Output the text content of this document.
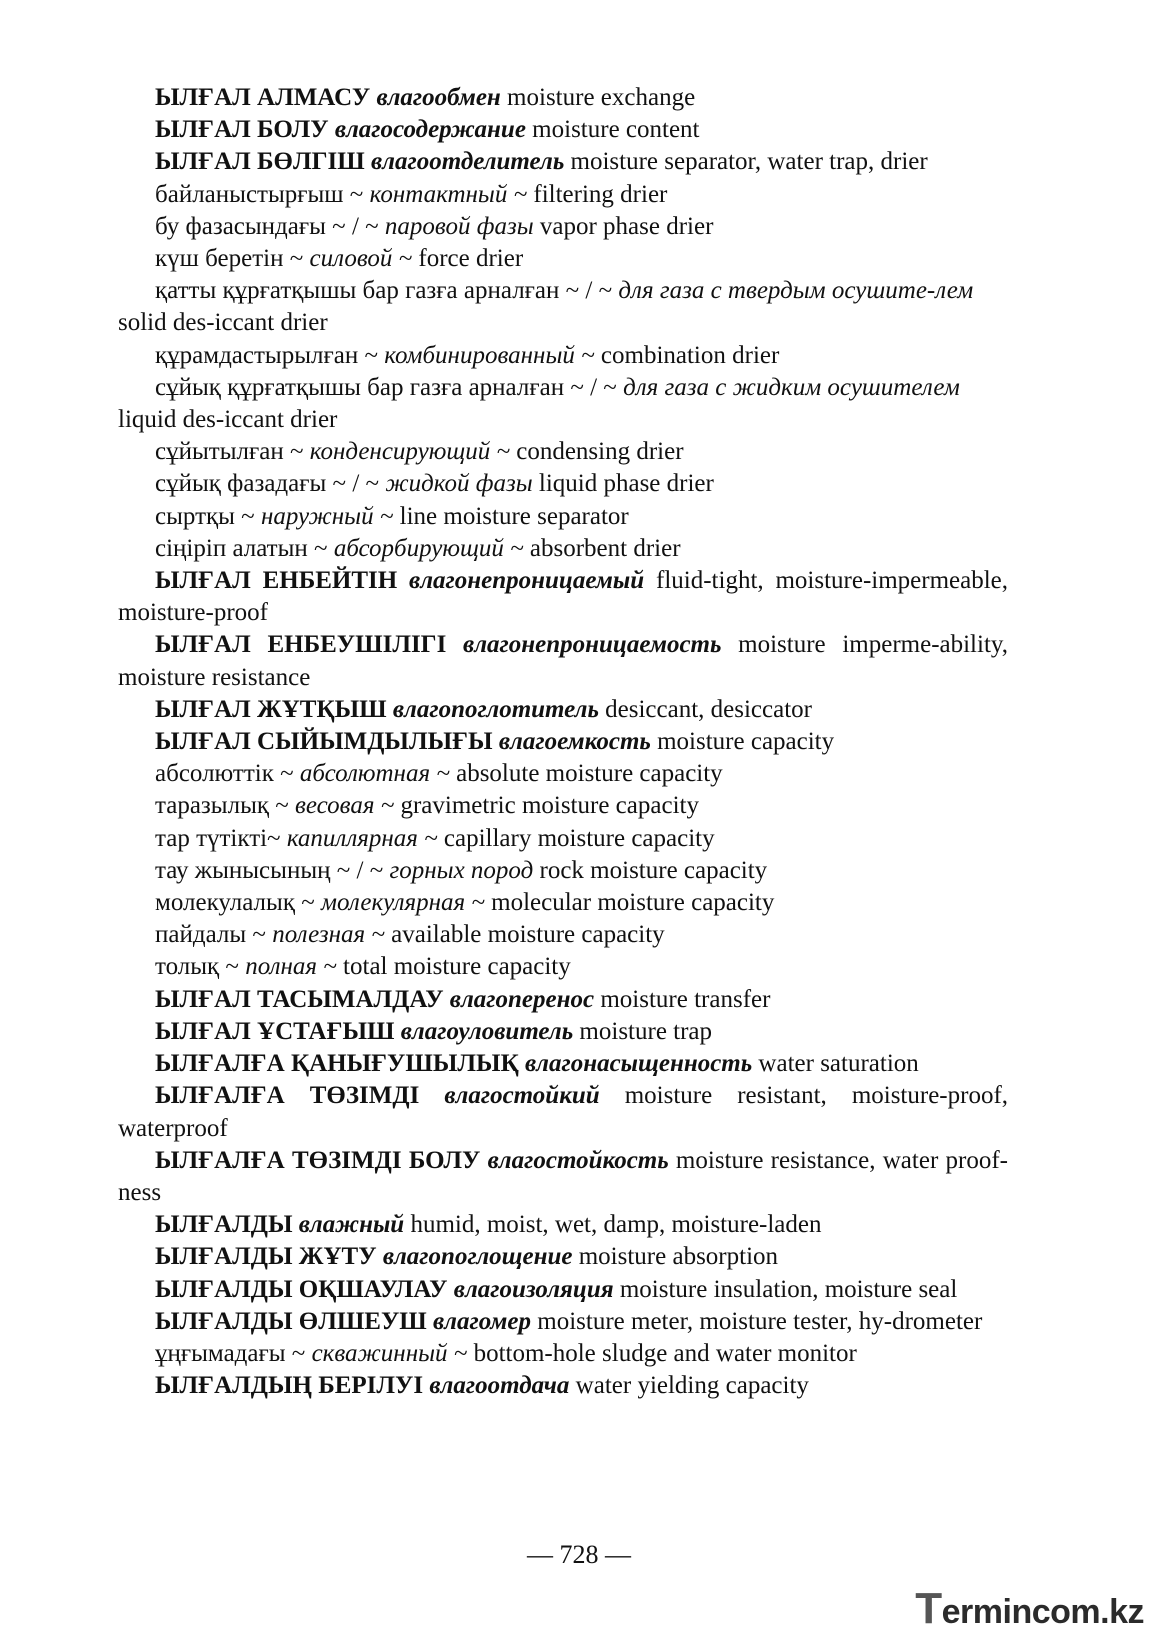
ЫЛҒАЛ АЛМАСУ влагообмен moisture exchange

ЫЛҒАЛ БОЛУ влагосодержание moisture content

ЫЛҒАЛ БӨЛГІШ влагоотделитель moisture separator, water trap, drier

байланыстырғыш ~ контактный ~ filtering drier

бу фазасындағы ~ / ~ паровой фазы vapor phase drier

күш беретін ~ силовой ~ force drier

қатты құрғатқышы бар газға арналған ~ / ~ для газа с твердым осушите-лем solid des-iccant drier

құрамдастырылған ~ комбинированный ~ combination drier

сұйық құрғатқышы бар газға арналған ~ / ~ для газа с жидким осушителем liquid des-iccant drier

сұйытылған ~ конденсирующий ~ condensing drier

сұйық фазадағы ~ / ~ жидкой фазы liquid phase drier

сыртқы ~ наружный ~ line moisture separator

сіңіріп алатын ~ абсорбирующий ~ absorbent drier

ЫЛҒАЛ ЕНБЕЙТІН влагонепроницаемый fluid-tight, moisture-impermeable, moisture-proof

ЫЛҒАЛ ЕНБЕУШІЛІГІ влагонепроницаемость moisture imperme-ability, moisture resistance

ЫЛҒАЛ ЖҰТҚЫШ влагопоглотитель desiccant, desiccator

ЫЛҒАЛ СЫЙЫМДЫЛЫҒЫ влагоемкость moisture capacity

абсолюттік ~ абсолютная ~ absolute moisture capacity

таразылық ~ весовая ~ gravimetric moisture capacity

тар түтікті~ капиллярная ~ capillary moisture capacity

тау жынысының ~ / ~ горных пород rock moisture capacity

молекулалық ~ молекулярная ~ molecular moisture capacity

пайдалы ~ полезная ~ available moisture capacity

толық ~ полная ~ total moisture capacity

ЫЛҒАЛ ТАСЫМАЛДАУ влагоперенос moisture transfer

ЫЛҒАЛ ҰСТАҒЫШ влагоуловитель moisture trap

ЫЛҒАЛҒА ҚАНЫҒУШЫЛЫҚ влагонасыщенность water saturation

ЫЛҒАЛҒА ТӨЗІМДІ влагостойкий moisture resistant, moisture-proof, waterproof

ЫЛҒАЛҒА ТӨЗІМДІ БОЛУ влагостойкость moisture resistance, water proof-ness

ЫЛҒАЛДЫ влажный humid, moist, wet, damp, moisture-laden

ЫЛҒАЛДЫ ЖҰТУ влагопоглощение moisture absorption

ЫЛҒАЛДЫ ОҚШАУЛАУ влагоизоляция moisture insulation, moisture seal

ЫЛҒАЛДЫ ӨЛШЕУШ влагомер moisture meter, moisture tester, hy-drometer

ұңғымадағы ~ скважинный ~ bottom-hole sludge and water monitor

ЫЛҒАЛДЫҢ БЕРІЛУІ влагоотдача water yielding capacity

— 728 —
Termincom.kz
